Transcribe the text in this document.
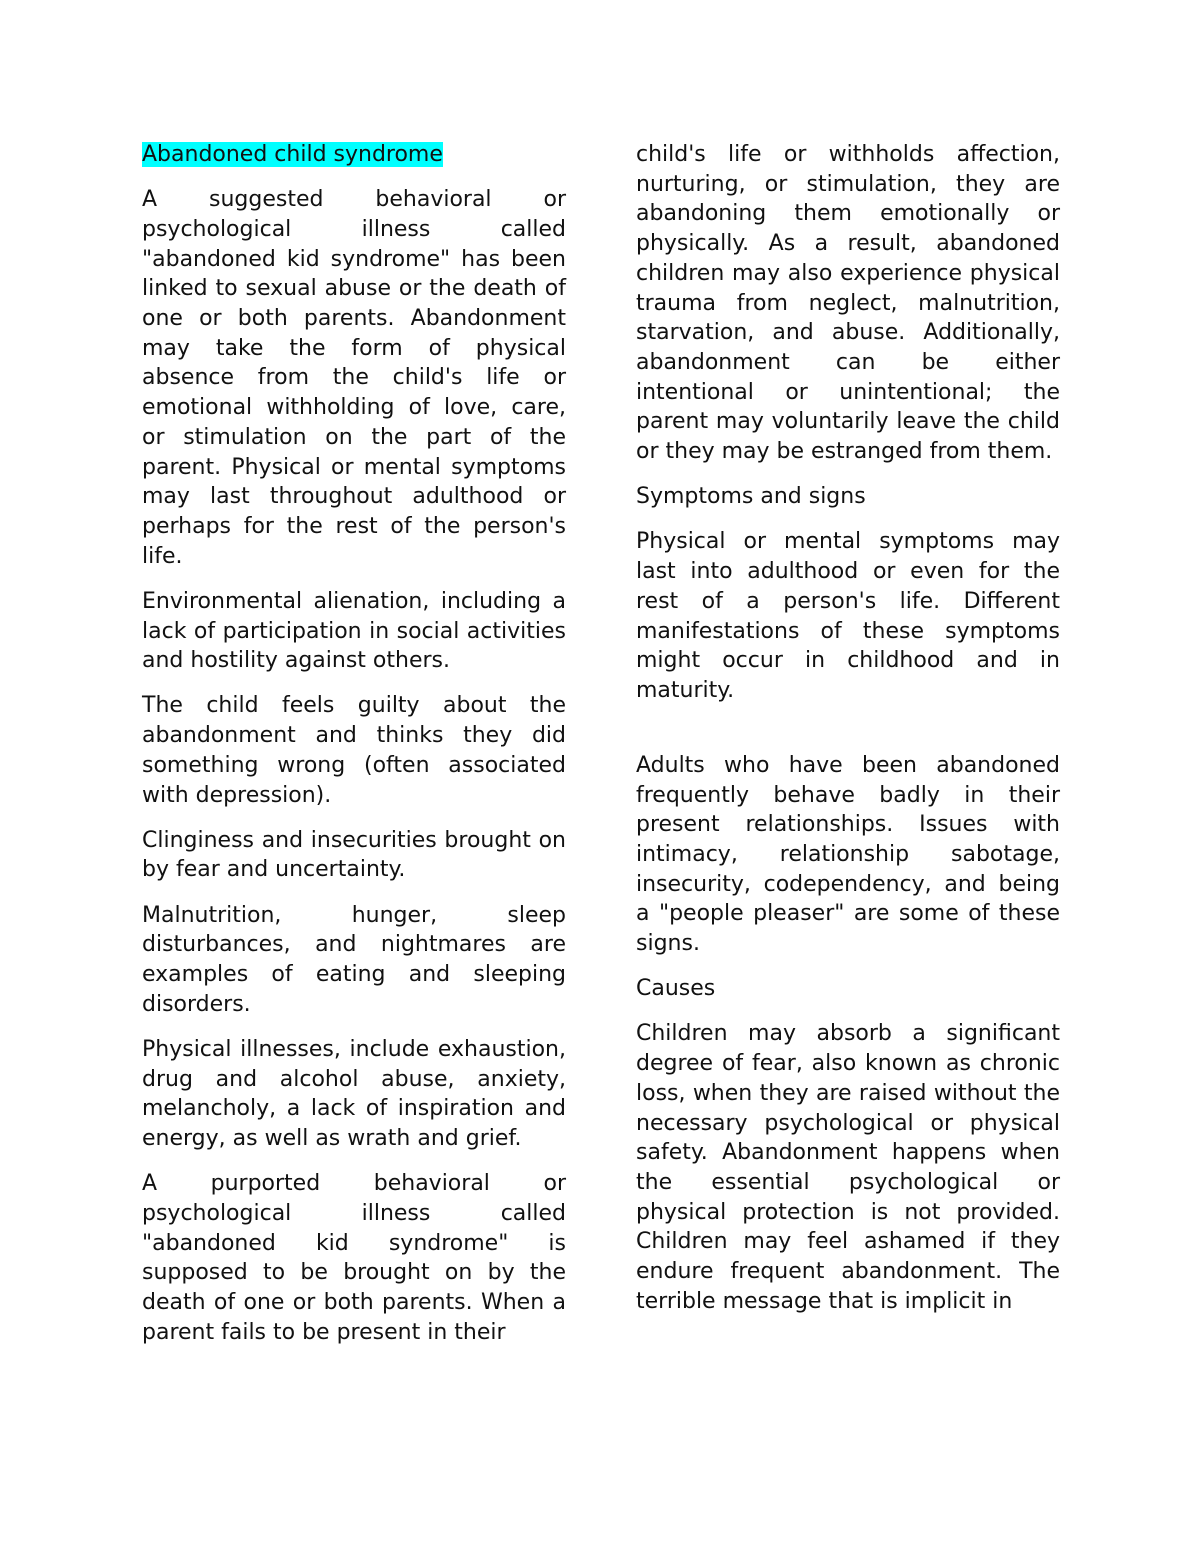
Abandoned child syndrome

A suggested behavioral or psychological illness called "abandoned kid syndrome" has been linked to sexual abuse or the death of one or both parents. Abandonment may take the form of physical absence from the child's life or emotional withholding of love, care, or stimulation on the part of the parent. Physical or mental symptoms may last throughout adulthood or perhaps for the rest of the person's life.

Environmental alienation, including a lack of participation in social activities and hostility against others.

The child feels guilty about the abandonment and thinks they did something wrong (often associated with depression).

Clinginess and insecurities brought on by fear and uncertainty.

Malnutrition, hunger, sleep disturbances, and nightmares are examples of eating and sleeping disorders.

Physical illnesses, include exhaustion, drug and alcohol abuse, anxiety, melancholy, a lack of inspiration and energy, as well as wrath and grief.

A purported behavioral or psychological illness called "abandoned kid syndrome" is supposed to be brought on by the death of one or both parents. When a parent fails to be present in their

child's life or withholds affection, nurturing, or stimulation, they are abandoning them emotionally or physically. As a result, abandoned children may also experience physical trauma from neglect, malnutrition, starvation, and abuse. Additionally, abandonment can be either intentional or unintentional; the parent may voluntarily leave the child or they may be estranged from them.

Symptoms and signs

Physical or mental symptoms may last into adulthood or even for the rest of a person's life. Different manifestations of these symptoms might occur in childhood and in maturity.

Adults who have been abandoned frequently behave badly in their present relationships. Issues with intimacy, relationship sabotage, insecurity, codependency, and being a "people pleaser" are some of these signs.

Causes

Children may absorb a significant degree of fear, also known as chronic loss, when they are raised without the necessary psychological or physical safety. Abandonment happens when the essential psychological or physical protection is not provided. Children may feel ashamed if they endure frequent abandonment. The terrible message that is implicit in
